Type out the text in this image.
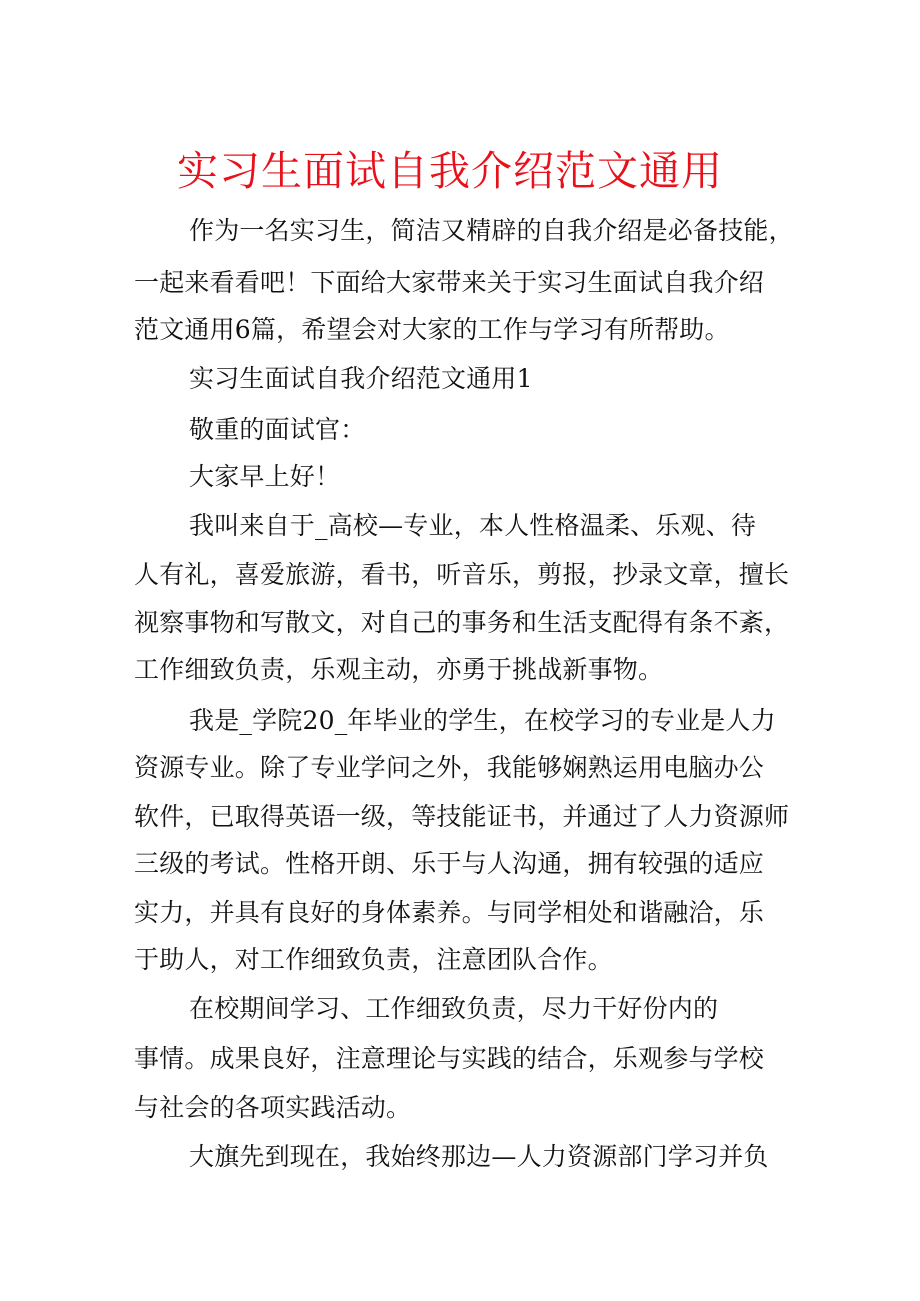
实习生面试自我介绍范文通用
作为一名实习生，简洁又精辟的自我介绍是必备技能，
一起来看看吧！下面给大家带来关于实习生面试自我介绍
范文通用6篇，希望会对大家的工作与学习有所帮助。
实习生面试自我介绍范文通用1
敬重的面试官：
大家早上好！
我叫来自于_高校—专业，本人性格温柔、乐观、待
人有礼，喜爱旅游，看书，听音乐，剪报，抄录文章，擅长
视察事物和写散文，对自己的事务和生活支配得有条不紊，
工作细致负责，乐观主动，亦勇于挑战新事物。
我是_学院20_年毕业的学生，在校学习的专业是人力
资源专业。除了专业学问之外，我能够娴熟运用电脑办公
软件，已取得英语一级，等技能证书，并通过了人力资源师
三级的考试。性格开朗、乐于与人沟通，拥有较强的适应
实力，并具有良好的身体素养。与同学相处和谐融洽，乐
于助人，对工作细致负责，注意团队合作。
在校期间学习、工作细致负责，尽力干好份内的
事情。成果良好，注意理论与实践的结合，乐观参与学校
与社会的各项实践活动。
大旗先到现在，我始终那边—人力资源部门学习并负
